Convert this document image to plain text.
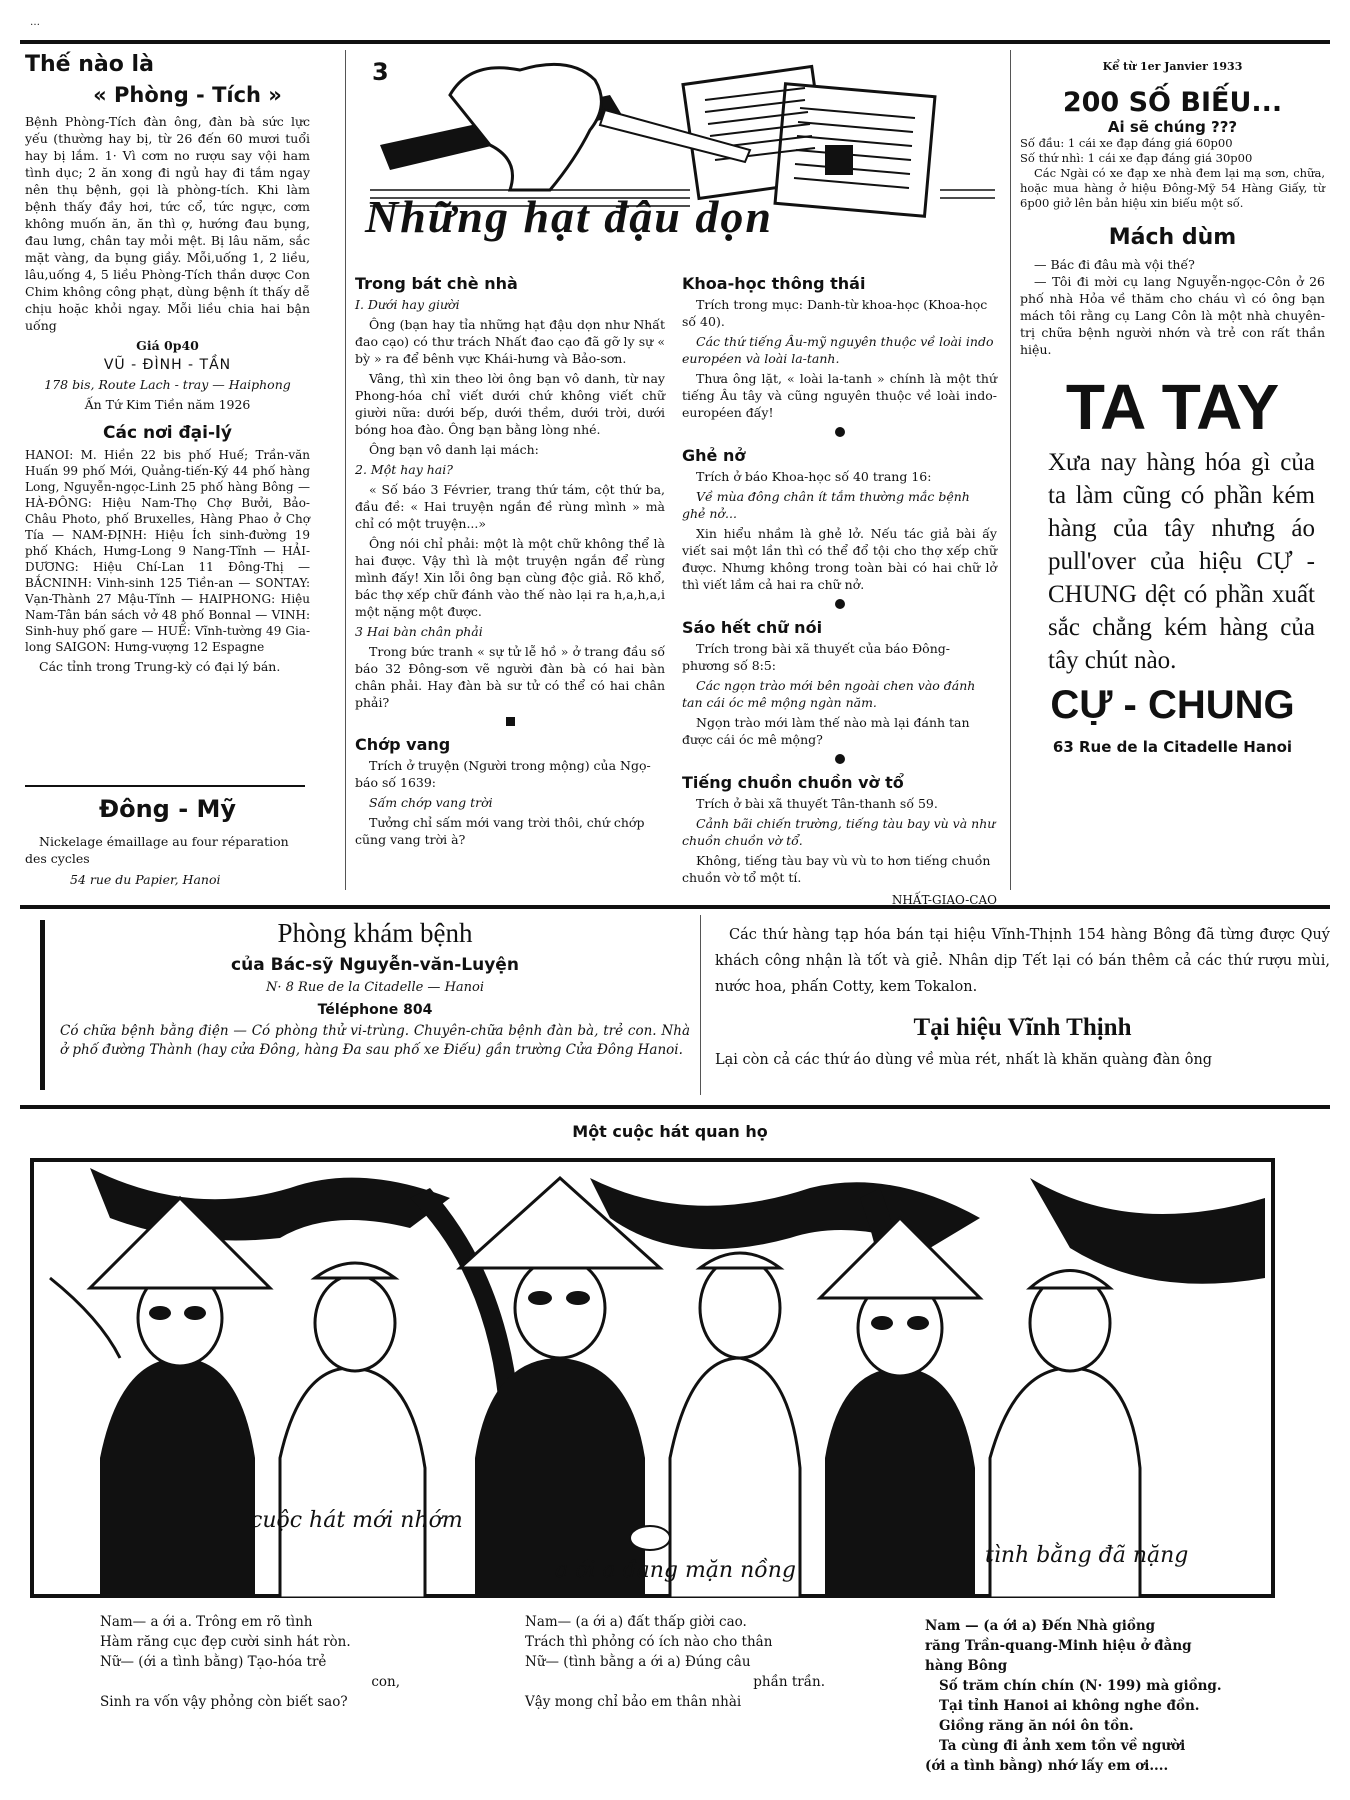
Thế nào là
« Phòng - Tích »

Bệnh Phòng-Tích đàn ông, đàn bà sức lực yếu (thường hay bị, từ 26 đến 60 mươi tuổi hay bị lắm. 1· Vì cơm no rượu say vội ham tình dục; 2 ăn xong đi ngủ hay đi tắm ngay nên thụ bệnh, gọi là phòng-tích. Khi làm bệnh thấy đầy hơi, tức cổ, tức ngực, cơm không muốn ăn, ăn thì ợ, hướng đau bụng, đau lưng, chân tay mỏi mệt. Bị lâu năm, sắc mặt vàng, da bụng giầy. Mỗi,uống 1, 2 liều, lâu,uống 4, 5 liều Phòng-Tích thần dược Con Chim không công phạt, dùng bệnh ít thấy dễ chịu hoặc khỏi ngay. Mỗi liều chia hai bận uống

Giá 0p40

VŨ - ĐÌNH - TẦN

178 bis, Route Lach - tray — Haiphong

Ấn Tứ Kim Tiền năm 1926

Các nơi đại-lý

HANOI: M. Hiền 22 bis phố Huế; Trần-văn Huấn 99 phố Mới, Quảng-tiến-Ký 44 phố hàng Long, Nguyễn-ngọc-Linh 25 phố hàng Bông — HÀ-ĐÔNG: Hiệu Nam-Thọ Chợ Bưởi, Bảo-Châu Photo, phố Bruxelles, Hàng Phao ở Chợ Tía — NAM-ĐỊNH: Hiệu Ích sinh-đường 19 phố Khách, Hưng-Long 9 Nang-Tĩnh — HẢI-DƯƠNG: Hiệu Chí-Lan 11 Đông-Thị — BẮCNINH: Vinh-sinh 125 Tiền-an — SONTAY: Vạn-Thành 27 Mậu-Tĩnh — HAIPHONG: Hiệu Nam-Tân bán sách vở 48 phố Bonnal — VINH: Sinh-huy phố gare — HUẾ: Vĩnh-tường 49 Gia-long SAIGON: Hưng-vượng 12 Espagne

Các tỉnh trong Trung-kỳ có đại lý bán.

Đông - Mỹ

Nickelage émaillage au four réparation des cycles

54 rue du Papier, Hanoi

3
Những hạt đậu dọn
Trong bát chè nhà

I. Dưới hay giười

Ông (bạn hay tỉa những hạt đậu dọn như Nhất đao cạo) có thư trách Nhất đao cạo đã gỡ ly sự « bỳ » ra để bênh vực Khái-hưng và Bảo-sơn.

Vâng, thì xin theo lời ông bạn vô danh, từ nay Phong-hóa chỉ viết dưới chứ không viết chữ giười nữa: dưới bếp, dưới thềm, dưới trời, dưới bóng hoa đào. Ông bạn bằng lòng nhé.

Ông bạn vô danh lại mách:

2. Một hay hai?

« Số báo 3 Février, trang thứ tám, cột thứ ba, đầu đề: « Hai truyện ngắn đề rùng mình » mà chỉ có một truyện...»

Ông nói chỉ phải: một là một chữ không thể là hai được. Vậy thì là một truyện ngắn để rùng mình đấy! Xin lỗi ông bạn cùng độc giả. Rõ khổ, bác thợ xếp chữ đánh vào thế nào lại ra h,a,h,a,i một nặng một được.

3 Hai bàn chân phải

Trong bức tranh « sự tử lễ hồ » ở trang đầu số báo 32 Đông-sơn vẽ người đàn bà có hai bàn chân phải. Hay đàn bà sư tử có thể có hai chân phải?

Chớp vang

Trích ở truyện (Người trong mộng) của Ngọ-báo số 1639:

Sấm chớp vang trời

Tưởng chỉ sấm mới vang trời thôi, chứ chớp cũng vang trời à?

Khoa-học thông thái

Trích trong mục: Danh-từ khoa-học (Khoa-học số 40).

Các thứ tiếng Âu-mỹ nguyên thuộc về loài indo européen và loài la-tanh.

Thưa ông lặt, « loài la-tanh » chính là một thứ tiếng Âu tây và cũng nguyên thuộc về loài indo-européen đấy!

Ghẻ nở

Trích ở báo Khoa-học số 40 trang 16:

Về mùa đông chân ít tắm thường mắc bệnh ghẻ nở...

Xin hiểu nhầm là ghẻ lở. Nếu tác giả bài ấy viết sai một lần thì có thể đổ tội cho thợ xếp chữ được. Nhưng không trong toàn bài có hai chữ lở thì viết lầm cả hai ra chữ nở.

Sáo hết chữ nói

Trích trong bài xã thuyết của báo Đông-phương số 8:5:

Các ngọn trào mới bên ngoài chen vào đánh tan cái óc mê mộng ngàn năm.

Ngọn trào mới làm thế nào mà lại đánh tan được cái óc mê mộng?

Tiếng chuồn chuồn vờ tổ

Trích ở bài xã thuyết Tân-thanh số 59.

Cảnh bãi chiến trường, tiếng tàu bay vù và như chuồn chuồn vờ tổ.

Không, tiếng tàu bay vù vù to hơn tiếng chuồn chuồn vờ tổ một tí.

NHẤT-GIAO-CẠO

Kể từ 1er Janvier 1933
200 SỐ BIẾU...
Ai sẽ chúng ???
Số đầu: 1 cái xe đạp đáng giá 60p00
Số thứ nhì: 1 cái xe đạp đáng giá 30p00
Các Ngài có xe đạp xe nhà đem lại mạ sơn, chữa, hoặc mua hàng ở hiệu Đông-Mỹ 54 Hàng Giấy, từ 6p00 giở lên bản hiệu xin biếu một số.
Mách dùm
— Bác đi đâu mà vội thế?
— Tôi đi mời cụ lang Nguyễn-ngọc-Côn ở 26 phố nhà Hỏa về thăm cho cháu vì có ông bạn mách tôi rằng cụ Lang Côn là một nhà chuyên-trị chữa bệnh người nhớn và trẻ con rất thần hiệu.
TA TAY
Xưa nay hàng hóa gì của ta làm cũng có phần kém hàng của tây nhưng áo pull'over của hiệu CỰ - CHUNG dệt có phần xuất sắc chẳng kém hàng của tây chút nào.
CỰ - CHUNG
63 Rue de la Citadelle Hanoi
Phòng khám bệnh
của Bác-sỹ Nguyễn-văn-Luyện
N· 8 Rue de la Citadelle — Hanoi
Téléphone 804
Có chữa bệnh bằng điện — Có phòng thử vi-trùng. Chuyên-chữa bệnh đàn bà, trẻ con. Nhà ở phố đường Thành (hay cửa Đông, hàng Đa sau phố xe Điếu) gần trường Cửa Đông Hanoi.
Các thứ hàng tạp hóa bán tại hiệu Vĩnh-Thịnh 154 hàng Bông đã từng được Quý khách công nhận là tốt và giẻ. Nhân dịp Tết lại có bán thêm cả các thứ rượu mùi, nước hoa, phấn Cotty, kem Tokalon.
Tại hiệu Vĩnh Thịnh
Lại còn cả các thứ áo dùng về mùa rét, nhất là khăn quàng đàn ông
Một cuộc hát quan họ
cuộc hát mới nhớm
a ới a đang mặn nồng
tình bằng đã nặng
Nam— a ới a. Trông em rõ tình
Hàm răng cục đẹp cười sinh hát ròn.
Nữ— (ới a tình bằng) Tạo-hóa trẻ
con,
Sinh ra vốn vậy phỏng còn biết sao?
Nam— (a ới a) đất thấp giời cao.
Trách thì phỏng có ích nào cho thân
Nữ— (tình bằng a ới a) Đúng câu
phần trần.
Vậy mong chỉ bảo em thân nhài
Nam — (a ới a) Đến Nhà giồng
răng Trần-quang-Minh hiệu ở đằng
hàng Bông
Số trăm chín chín (N· 199) mà giồng.
Tại tỉnh Hanoi ai không nghe đồn.
Giồng răng ăn nói ôn tồn.
Ta cùng đi ảnh xem tồn về người
(ới a tình bằng) nhớ lấy em ơi....
…
